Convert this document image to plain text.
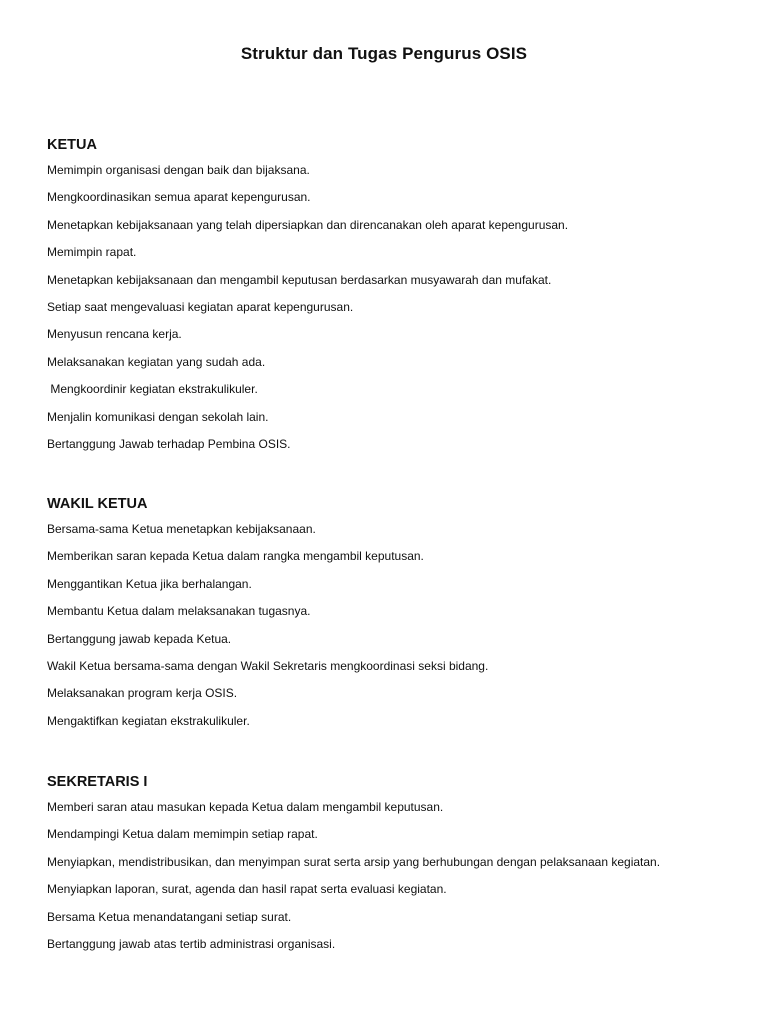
Struktur dan Tugas Pengurus OSIS
KETUA
Memimpin organisasi dengan baik dan bijaksana.
Mengkoordinasikan semua aparat kepengurusan.
Menetapkan kebijaksanaan yang telah dipersiapkan dan direncanakan oleh aparat kepengurusan.
Memimpin rapat.
Menetapkan kebijaksanaan dan mengambil keputusan berdasarkan musyawarah dan mufakat.
Setiap saat mengevaluasi kegiatan aparat kepengurusan.
Menyusun rencana kerja.
Melaksanakan kegiatan yang sudah ada.
Mengkoordinir kegiatan ekstrakulikuler.
Menjalin komunikasi dengan sekolah lain.
Bertanggung Jawab terhadap Pembina OSIS.
WAKIL KETUA
Bersama-sama Ketua menetapkan kebijaksanaan.
Memberikan saran kepada Ketua dalam rangka mengambil keputusan.
Menggantikan Ketua jika berhalangan.
Membantu Ketua dalam melaksanakan tugasnya.
Bertanggung jawab kepada Ketua.
Wakil Ketua bersama-sama dengan Wakil Sekretaris mengkoordinasi seksi bidang.
Melaksanakan program kerja OSIS.
Mengaktifkan kegiatan ekstrakulikuler.
SEKRETARIS I
Memberi saran atau masukan kepada Ketua dalam mengambil keputusan.
Mendampingi Ketua dalam memimpin setiap rapat.
Menyiapkan, mendistribusikan, dan menyimpan surat serta arsip yang berhubungan dengan pelaksanaan kegiatan.
Menyiapkan laporan, surat, agenda dan hasil rapat serta evaluasi kegiatan.
Bersama Ketua menandatangani setiap surat.
Bertanggung jawab atas tertib administrasi organisasi.
